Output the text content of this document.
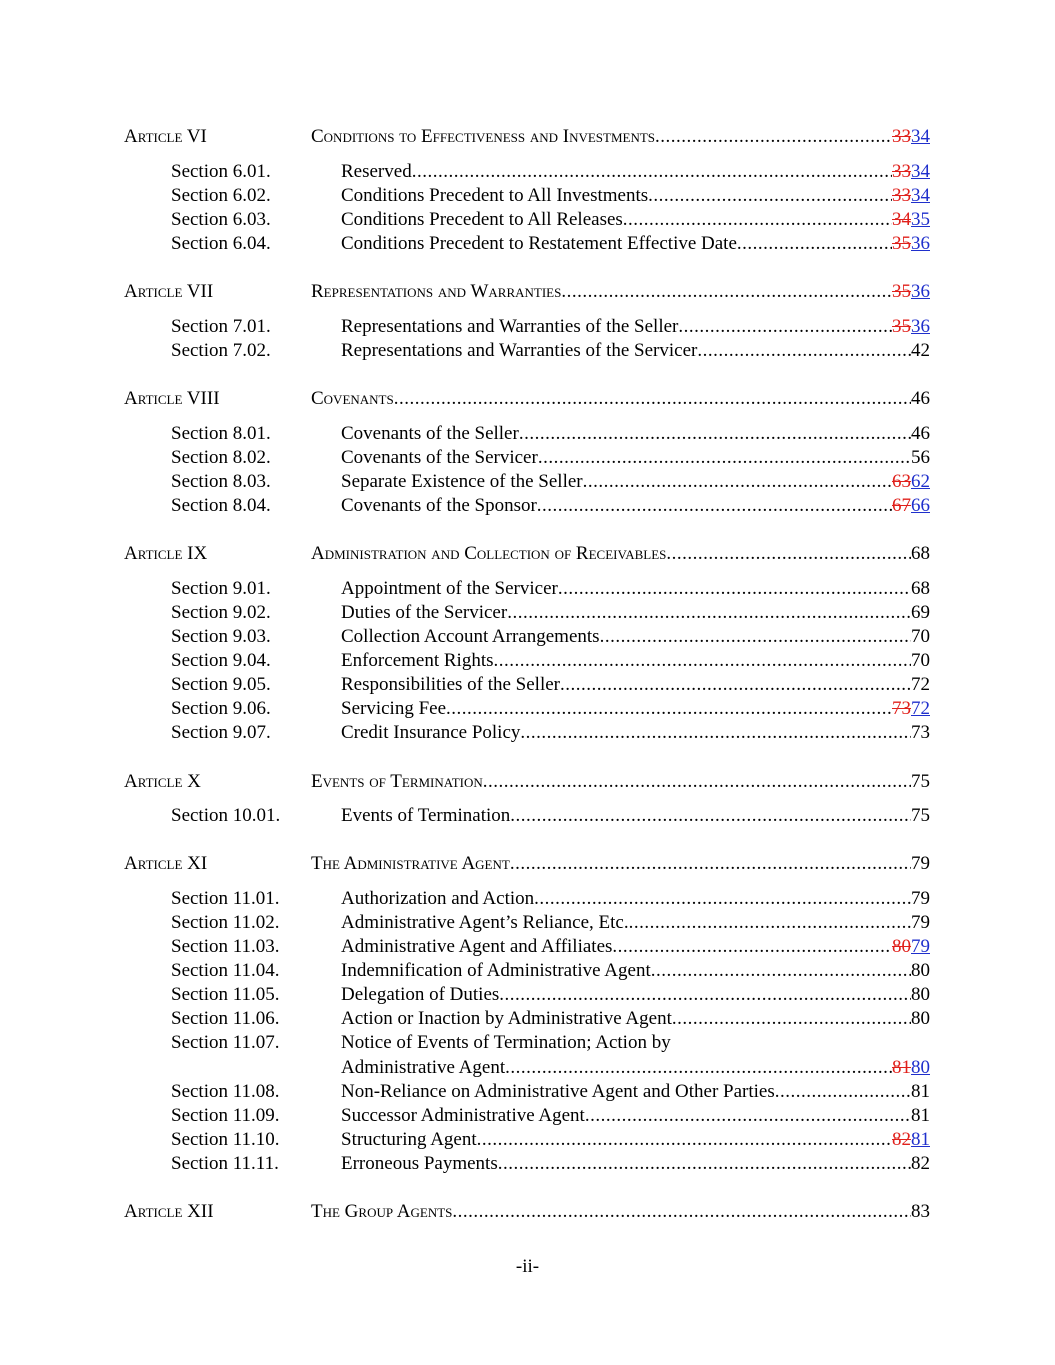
Article VI	Conditions to Effectiveness and Investments .....	3334
Section 6.01.	Reserved .....	3334
Section 6.02.	Conditions Precedent to All Investments .....	3334
Section 6.03.	Conditions Precedent to All Releases .....	3435
Section 6.04.	Conditions Precedent to Restatement Effective Date .....	3536
Article VII	Representations and Warranties .....	3536
Section 7.01.	Representations and Warranties of the Seller .....	3536
Section 7.02.	Representations and Warranties of the Servicer .....	42
Article VIII	Covenants .....	46
Section 8.01.	Covenants of the Seller .....	46
Section 8.02.	Covenants of the Servicer .....	56
Section 8.03.	Separate Existence of the Seller .....	6362
Section 8.04.	Covenants of the Sponsor .....	6766
Article IX	Administration and Collection of Receivables .....	68
Section 9.01.	Appointment of the Servicer .....	68
Section 9.02.	Duties of the Servicer .....	69
Section 9.03.	Collection Account Arrangements .....	70
Section 9.04.	Enforcement Rights .....	70
Section 9.05.	Responsibilities of the Seller .....	72
Section 9.06.	Servicing Fee .....	7372
Section 9.07.	Credit Insurance Policy .....	73
Article X	Events of Termination .....	75
Section 10.01.	Events of Termination .....	75
Article XI	The Administrative Agent .....	79
Section 11.01.	Authorization and Action .....	79
Section 11.02.	Administrative Agent’s Reliance, Etc. .....	79
Section 11.03.	Administrative Agent and Affiliates .....	8079
Section 11.04.	Indemnification of Administrative Agent .....	80
Section 11.05.	Delegation of Duties .....	80
Section 11.06.	Action or Inaction by Administrative Agent .....	80
Section 11.07.	Notice of Events of Termination; Action by
Administrative Agent .....	8180
Section 11.08.	Non-Reliance on Administrative Agent and Other Parties .....	81
Section 11.09.	Successor Administrative Agent .....	81
Section 11.10.	Structuring Agent .....	8281
Section 11.11.	Erroneous Payments .....	82
Article XII	The Group Agents .....	83
-ii-
